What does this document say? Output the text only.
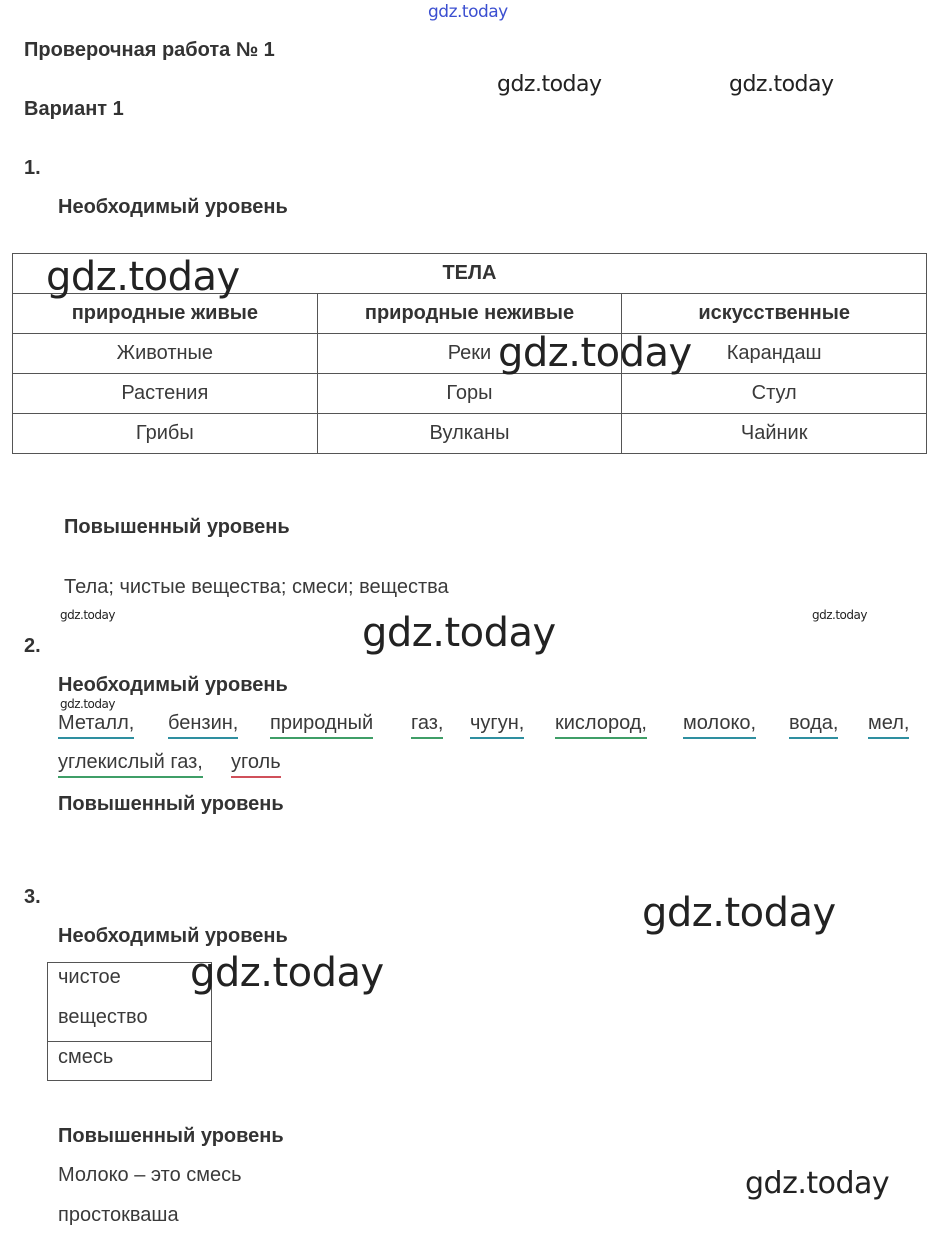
gdz.today
gdz.today	gdz.today
Проверочная работа № 1
Вариант 1
1.
Необходимый уровень
ТЕЛА		
природные живые	природные неживые	искусственные
Животные	Реки	Карандаш
Растения	Горы	Стул
Грибы	Вулканы	Чайник
gdz.today
gdz.today
Повышенный уровень
Тела; чистые вещества; смеси; вещества
gdz.today	gdz.today	gdz.today
2.
Необходимый уровень
gdz.today
Металл, бензин, природный газ, чугун, кислород, молоко, вода, мел,
углекислый газ, уголь
Повышенный уровень
3.	gdz.today
Необходимый уровень
чистое
вещество
смесь
gdz.today
Повышенный уровень
Молоко – это смесь
простокваша
gdz.today
